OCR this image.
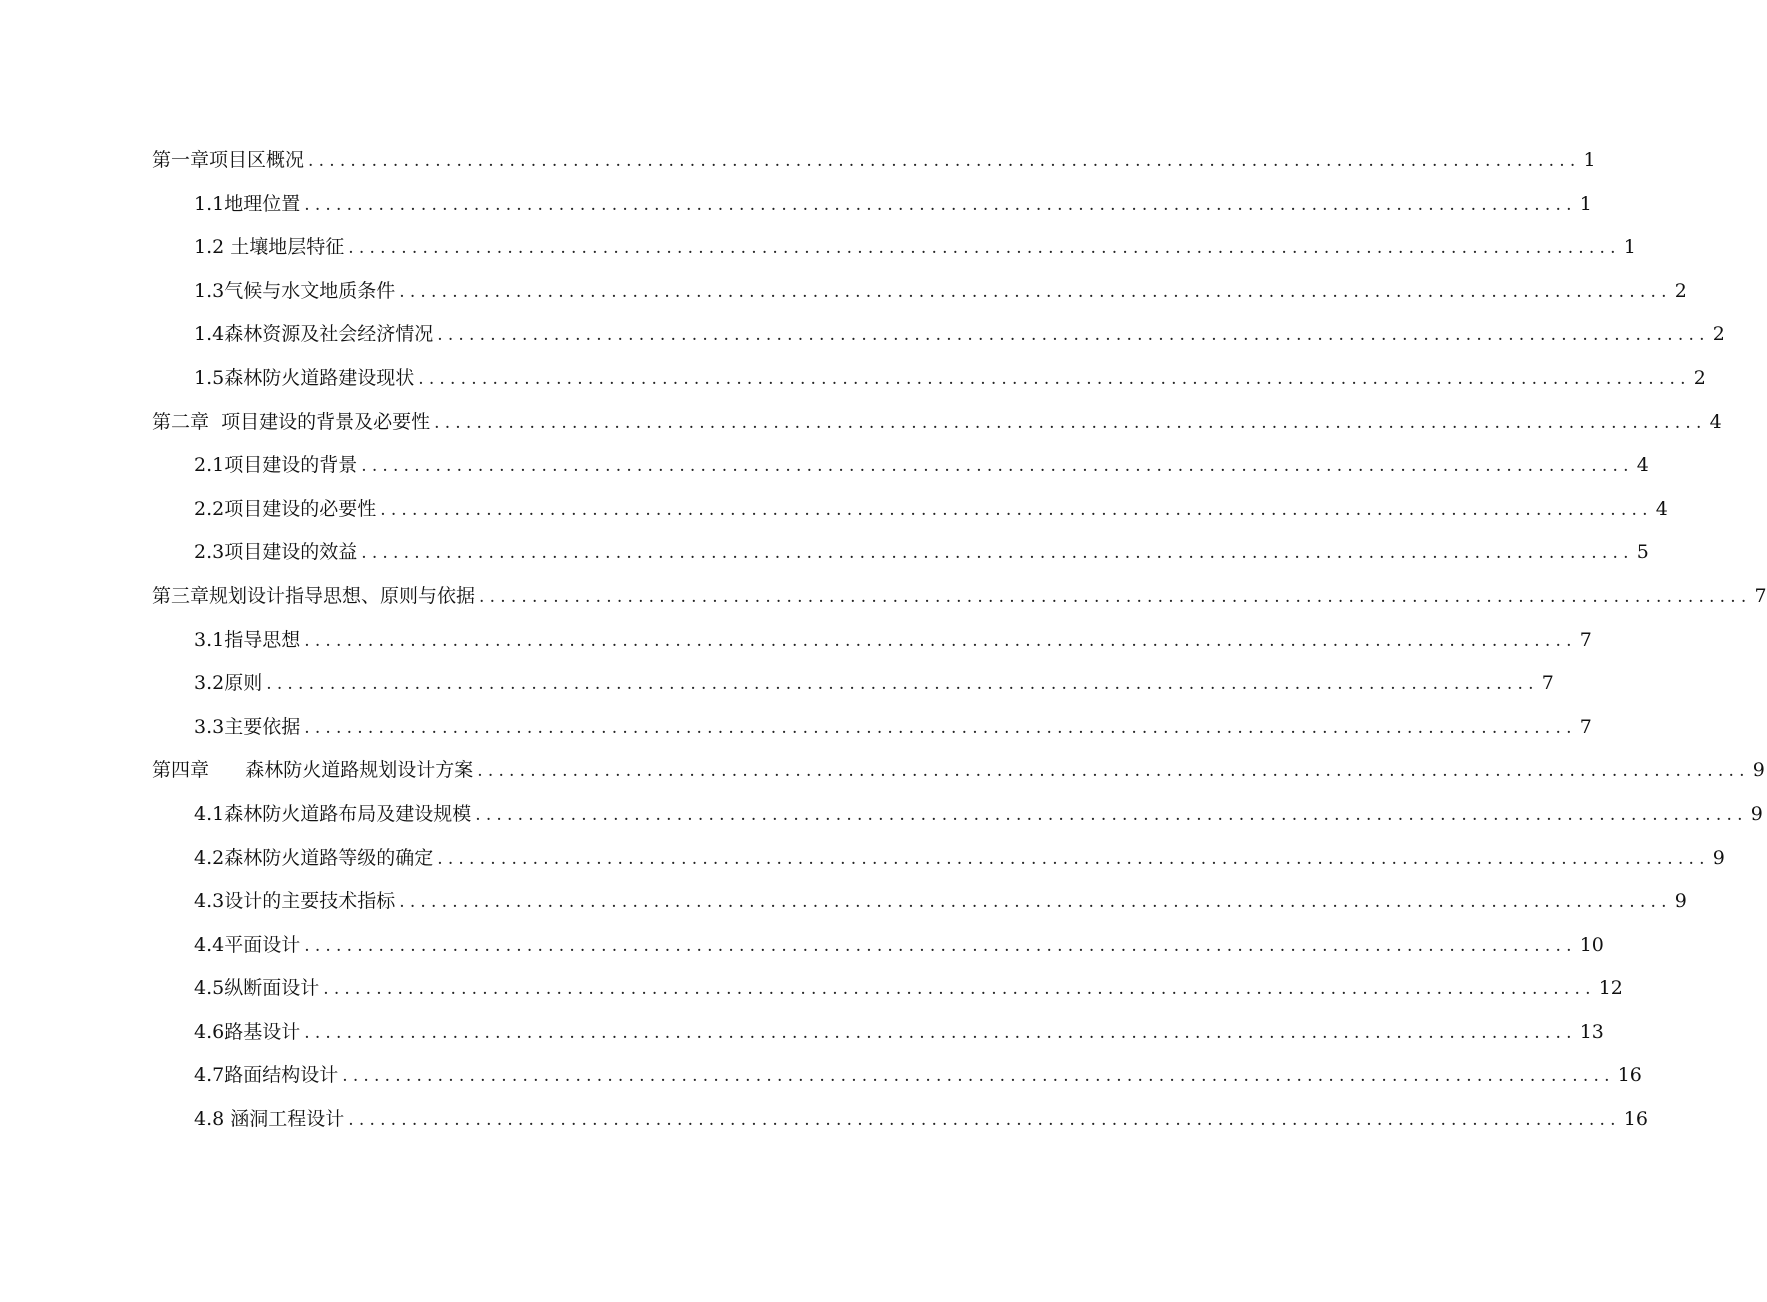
第一章项目区概况 ........................................................................................................................ 1
1.1地理位置 ........................................................................................................................ 1
1.2 土壤地层特征 ........................................................................................................................ 1
1.3气候与水文地质条件 ........................................................................................................................ 2
1.4森林资源及社会经济情况 ........................................................................................................................ 2
1.5森林防火道路建设现状 ........................................................................................................................ 2
第二章  项目建设的背景及必要性 ........................................................................................................................ 4
2.1项目建设的背景 ........................................................................................................................ 4
2.2项目建设的必要性 ........................................................................................................................ 4
2.3项目建设的效益 ........................................................................................................................ 5
第三章规划设计指导思想、原则与依据 ........................................................................................................................ 7
3.1指导思想 ........................................................................................................................ 7
3.2原则 ........................................................................................................................ 7
3.3主要依据 ........................................................................................................................ 7
第四章      森林防火道路规划设计方案 ........................................................................................................................ 9
4.1森林防火道路布局及建设规模 ........................................................................................................................ 9
4.2森林防火道路等级的确定 ........................................................................................................................ 9
4.3设计的主要技术指标 ........................................................................................................................ 9
4.4平面设计 ........................................................................................................................ 10
4.5纵断面设计 ........................................................................................................................ 12
4.6路基设计 ........................................................................................................................ 13
4.7路面结构设计 ........................................................................................................................ 16
4.8 涵洞工程设计 ........................................................................................................................ 16
